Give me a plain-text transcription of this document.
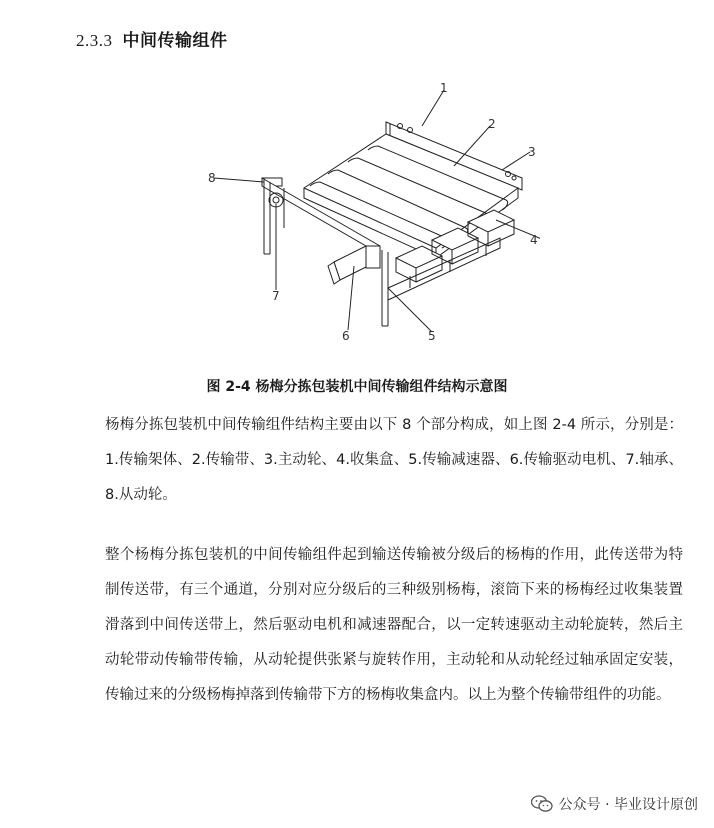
2.3.3 中间传输组件
1
2
3
4
5
6
7
8
图 2-4 杨梅分拣包装机中间传输组件结构示意图
杨梅分拣包装机中间传输组件结构主要由以下 8 个部分构成，如上图 2-4 所示，分别是：1.传输架体、2.传输带、3.主动轮、4.收集盒、5.传输减速器、6.传输驱动电机、7.轴承、8.从动轮。
整个杨梅分拣包装机的中间传输组件起到输送传输被分级后的杨梅的作用，此传送带为特制传送带，有三个通道，分别对应分级后的三种级别杨梅，滚筒下来的杨梅经过收集装置滑落到中间传送带上，然后驱动电机和减速器配合，以一定转速驱动主动轮旋转，然后主动轮带动传输带传输，从动轮提供张紧与旋转作用，主动轮和从动轮经过轴承固定安装，传输过来的分级杨梅掉落到传输带下方的杨梅收集盒内。以上为整个传输带组件的功能。
公众号 · 毕业设计原创
